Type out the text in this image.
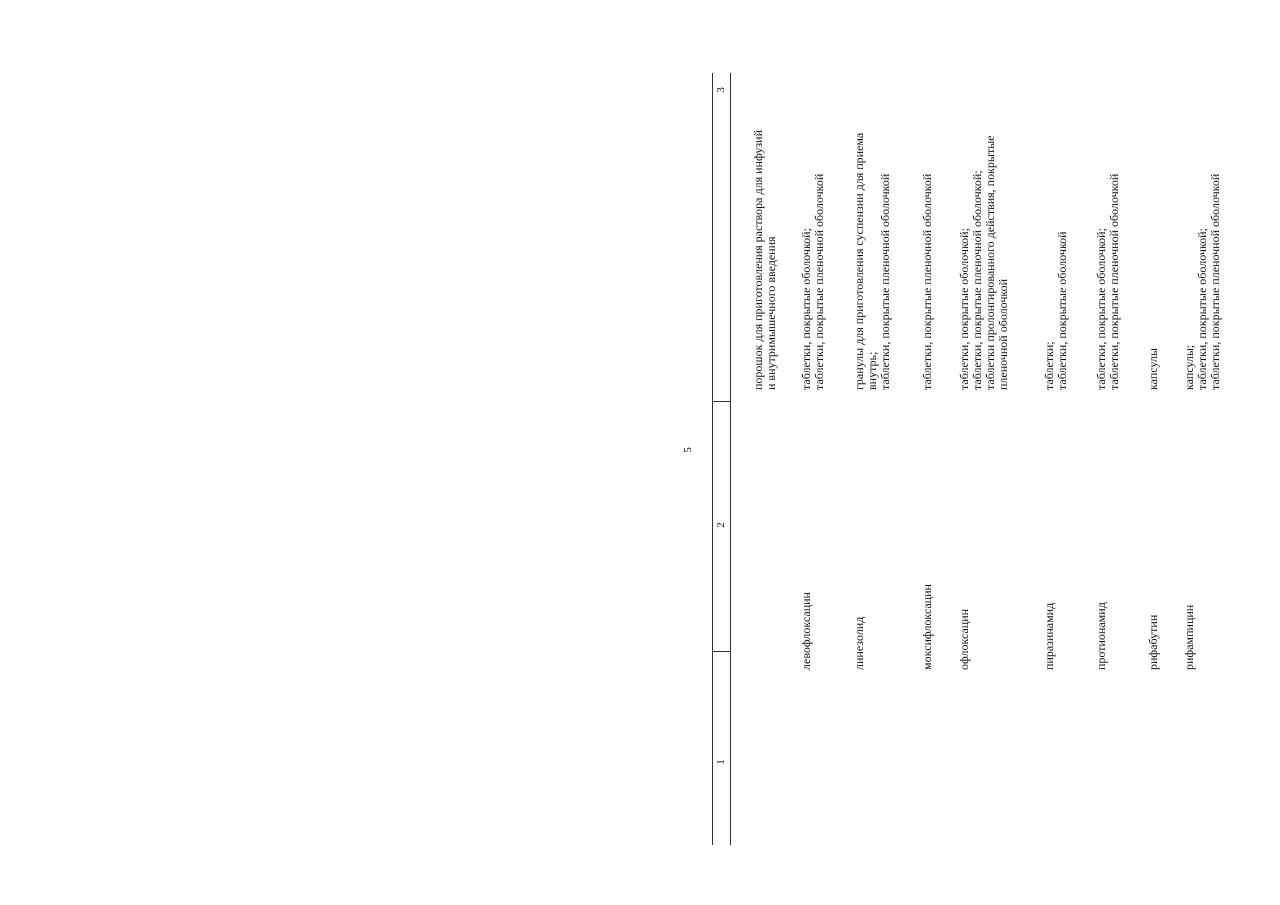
5
1
2
3
порошок для приготовления раствора для инфузий и внутримышечного введения
левофлоксацин
таблетки, покрытые оболочкой; таблетки, покрытые пленочной оболочкой
линезолид
гранулы для приготовления суспензии для приема внутрь; таблетки, покрытые пленочной оболочкой
моксифлоксацин
таблетки, покрытые пленочной оболочкой
офлоксацин
таблетки, покрытые оболочкой; таблетки, покрытые пленочной оболочкой; таблетки пролонгированного действия, покрытые пленочной оболочкой
пиразинамид
таблетки; таблетки, покрытые оболочкой
протионамид
таблетки, покрытые оболочкой; таблетки, покрытые пленочной оболочкой
рифабутин
капсулы
рифампицин
капсулы; таблетки, покрытые оболочкой; таблетки, покрытые пленочной оболочкой
